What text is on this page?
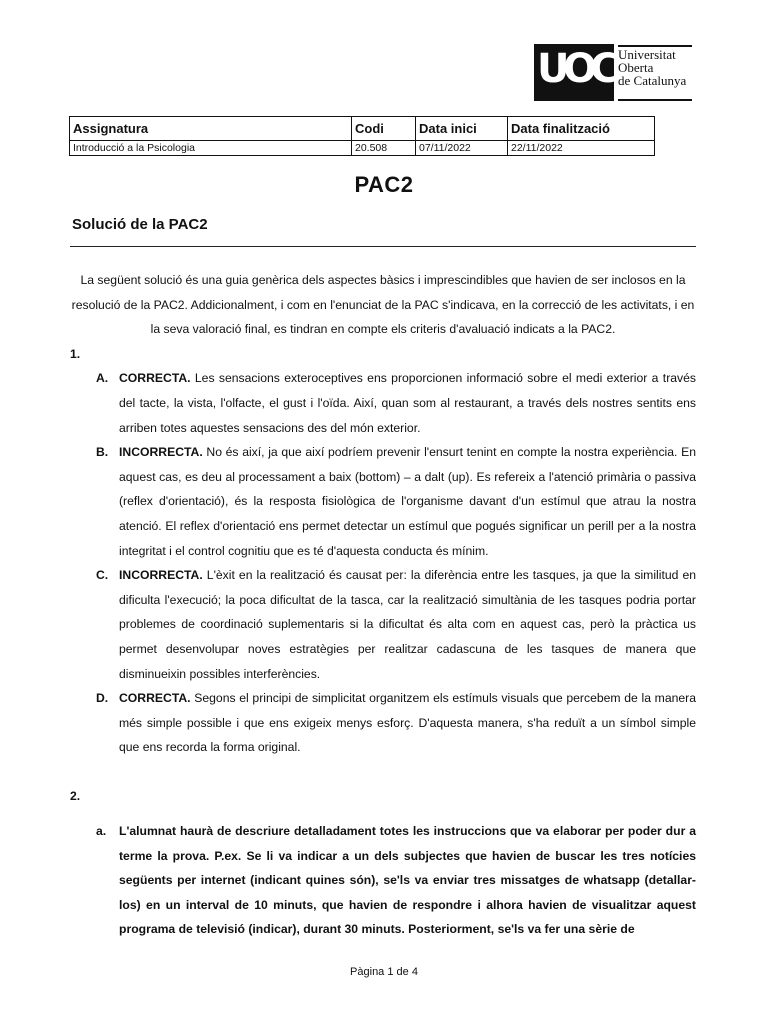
U
O
C Universitat
Oberta
de Catalunya
Assignatura	Codi	Data inici	Data finalització
Introducció a la Psicologia	20.508	07/11/2022	22/11/2022
PAC2
Solució de la PAC2

La següent solució és una guia genèrica dels aspectes bàsics i imprescindibles que havien de ser inclosos en la resolució de la PAC2. Addicionalment, i com en l'enunciat de la PAC s'indicava, en la correcció de les activitats, i en la seva valoració final, es tindran en compte els criteris d'avaluació indicats a la PAC2.

1.

A. CORRECTA. Les sensacions exteroceptives ens proporcionen informació sobre el medi exterior a través del tacte, la vista, l'olfacte, el gust i l'oïda. Així, quan som al restaurant, a través dels nostres sentits ens arriben totes aquestes sensacions des del món exterior.
B. INCORRECTA. No és així, ja que així podríem prevenir l'ensurt tenint en compte la nostra experiència. En aquest cas, es deu al processament a baix (bottom) – a dalt (up). Es refereix a l'atenció primària o passiva (reflex d'orientació), és la resposta fisiològica de l'organisme davant d'un estímul que atrau la nostra atenció. El reflex d'orientació ens permet detectar un estímul que pogués significar un perill per a la nostra integritat i el control cognitiu que es té d'aquesta conducta és mínim.
C. INCORRECTA. L'èxit en la realització és causat per: la diferència entre les tasques, ja que la similitud en dificulta l'execució; la poca dificultat de la tasca, car la realització simultània de les tasques podria portar problemes de coordinació suplementaris si la dificultat és alta com en aquest cas, però la pràctica us permet desenvolupar noves estratègies per realitzar cadascuna de les tasques de manera que disminueixin possibles interferències.
D. CORRECTA. Segons el principi de simplicitat organitzem els estímuls visuals que percebem de la manera més simple possible i que ens exigeix menys esforç. D'aquesta manera, s'ha reduït a un símbol simple que ens recorda la forma original.

2.

a. L'alumnat haurà de descriure detalladament totes les instruccions que va elaborar per poder dur a terme la prova. P.ex. Se li va indicar a un dels subjectes que havien de buscar les tres notícies següents per internet (indicant quines són), se'ls va enviar tres missatges de whatsapp (detallar-los) en un interval de 10 minuts, que havien de respondre i alhora havien de visualitzar aquest programa de televisió (indicar), durant 30 minuts. Posteriorment, se'ls va fer una sèrie de
Pàgina 1 de 4
